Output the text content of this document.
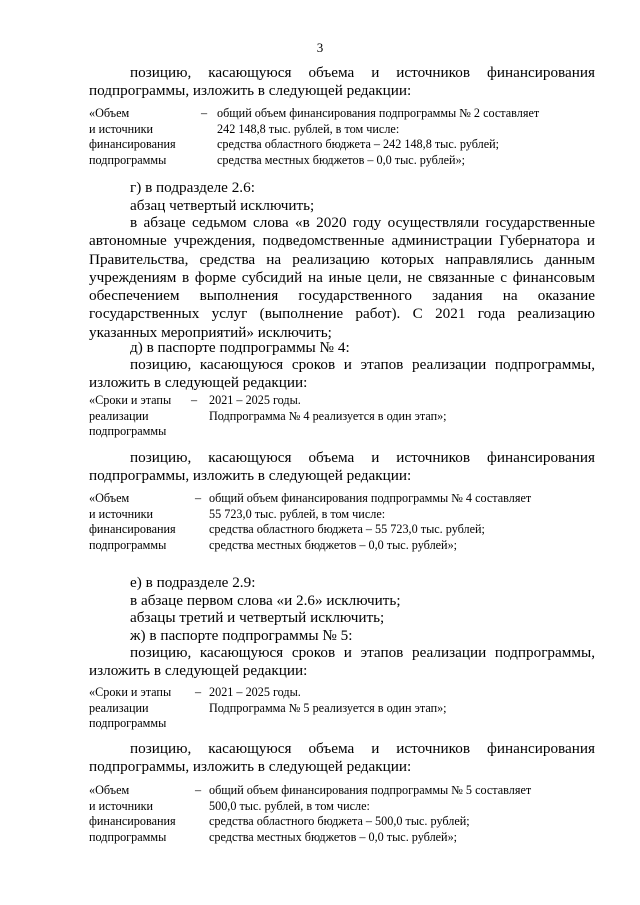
3
позицию, касающуюся объема и источников финансирования подпрограммы, изложить в следующей редакции:
«Объем	– общий объем финансирования подпрограммы № 2 составляет
и источники	242 148,8 тыс. рублей, в том числе:
финансирования	средства областного бюджета – 242 148,8 тыс. рублей;
подпрограммы	средства местных бюджетов – 0,0 тыс. рублей»;
г) в подразделе 2.6:
абзац четвертый исключить;
в абзаце седьмом слова «в 2020 году осуществляли государственные автономные учреждения, подведомственные администрации Губернатора и Правительства, средства на реализацию которых направлялись данным учреждениям в форме субсидий на иные цели, не связанные с финансовым обеспечением выполнения государственного задания на оказание государственных услуг (выполнение работ). С 2021 года реализацию указанных мероприятий» исключить;
д) в паспорте подпрограммы № 4:
позицию, касающуюся сроков и этапов реализации подпрограммы, изложить в следующей редакции:
«Сроки и этапы – 2021 – 2025 годы.
реализации	Подпрограмма № 4 реализуется в один этап»;
подпрограммы
позицию, касающуюся объема и источников финансирования подпрограммы, изложить в следующей редакции:
«Объем	– общий объем финансирования подпрограммы № 4 составляет
и источники	55 723,0 тыс. рублей, в том числе:
финансирования	средства областного бюджета – 55 723,0 тыс. рублей;
подпрограммы	средства местных бюджетов – 0,0 тыс. рублей»;
е) в подразделе 2.9:
в абзаце первом слова «и 2.6» исключить;
абзацы третий и четвертый исключить;
ж) в паспорте подпрограммы № 5:
позицию, касающуюся сроков и этапов реализации подпрограммы, изложить в следующей редакции:
«Сроки и этапы – 2021 – 2025 годы.
реализации	Подпрограмма № 5 реализуется в один этап»;
подпрограммы
позицию, касающуюся объема и источников финансирования подпрограммы, изложить в следующей редакции:
«Объем	– общий объем финансирования подпрограммы № 5 составляет
и источники	500,0 тыс. рублей, в том числе:
финансирования	средства областного бюджета – 500,0 тыс. рублей;
подпрограммы	средства местных бюджетов – 0,0 тыс. рублей»;
